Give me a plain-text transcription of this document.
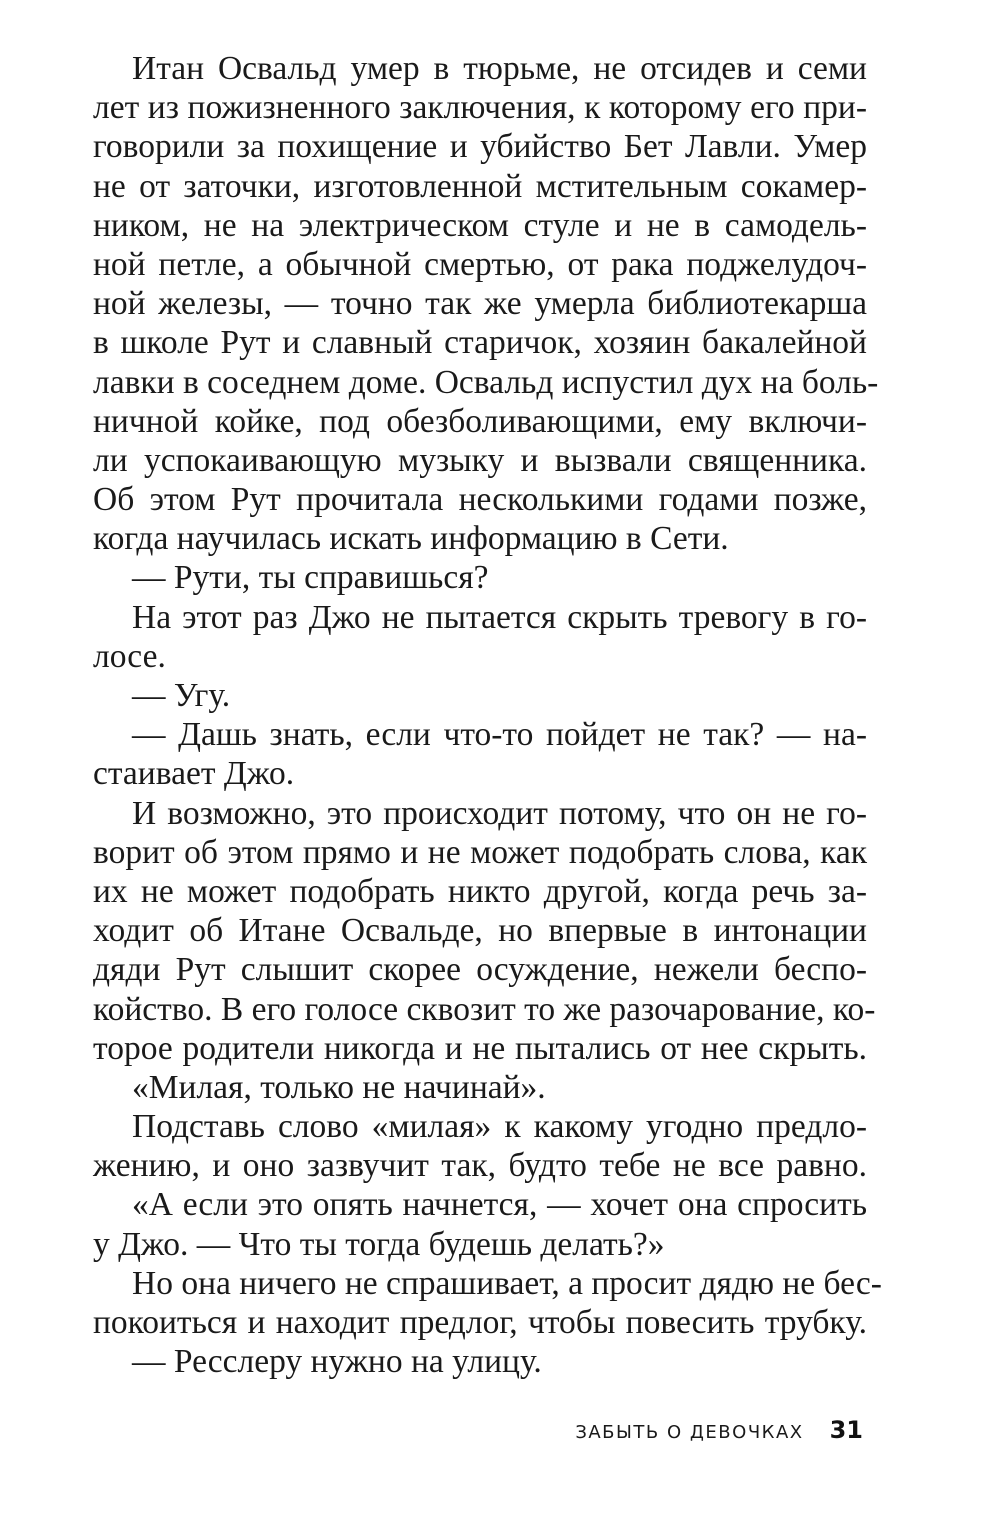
Итан Освальд умер в тюрьме, не отсидев и семи
лет из пожизненного заключения, к которому его при-
говорили за похищение и убийство Бет Лавли. Умер
не от заточки, изготовленной мстительным сокамер-
ником, не на электрическом стуле и не в самодель-
ной петле, а обычной смертью, от рака поджелудоч-
ной железы, — точно так же умерла библиотекарша
в школе Рут и славный старичок, хозяин бакалейной
лавки в соседнем доме. Освальд испустил дух на боль-
ничной койке, под обезболивающими, ему включи-
ли успокаивающую музыку и вызвали священника.
Об этом Рут прочитала несколькими годами позже,
когда научилась искать информацию в Сети.
— Рути, ты справишься?
На этот раз Джо не пытается скрыть тревогу в го-
лосе.
— Угу.
— Дашь знать, если что-то пойдет не так? — на-
стаивает Джо.
И возможно, это происходит потому, что он не го-
ворит об этом прямо и не может подобрать слова, как
их не может подобрать никто другой, когда речь за-
ходит об Итане Освальде, но впервые в интонации
дяди Рут слышит скорее осуждение, нежели беспо-
койство. В его голосе сквозит то же разочарование, ко-
торое родители никогда и не пытались от нее скрыть.
«Милая, только не начинай».
Подставь слово «милая» к какому угодно предло-
жению, и оно зазвучит так, будто тебе не все равно.
«А если это опять начнется, — хочет она спросить
у Джо. — Что ты тогда будешь делать?»
Но она ничего не спрашивает, а просит дядю не бес-
покоиться и находит предлог, чтобы повесить трубку.
— Ресслеру нужно на улицу.
ЗАБЫТЬ О ДЕВОЧКАХ 31
